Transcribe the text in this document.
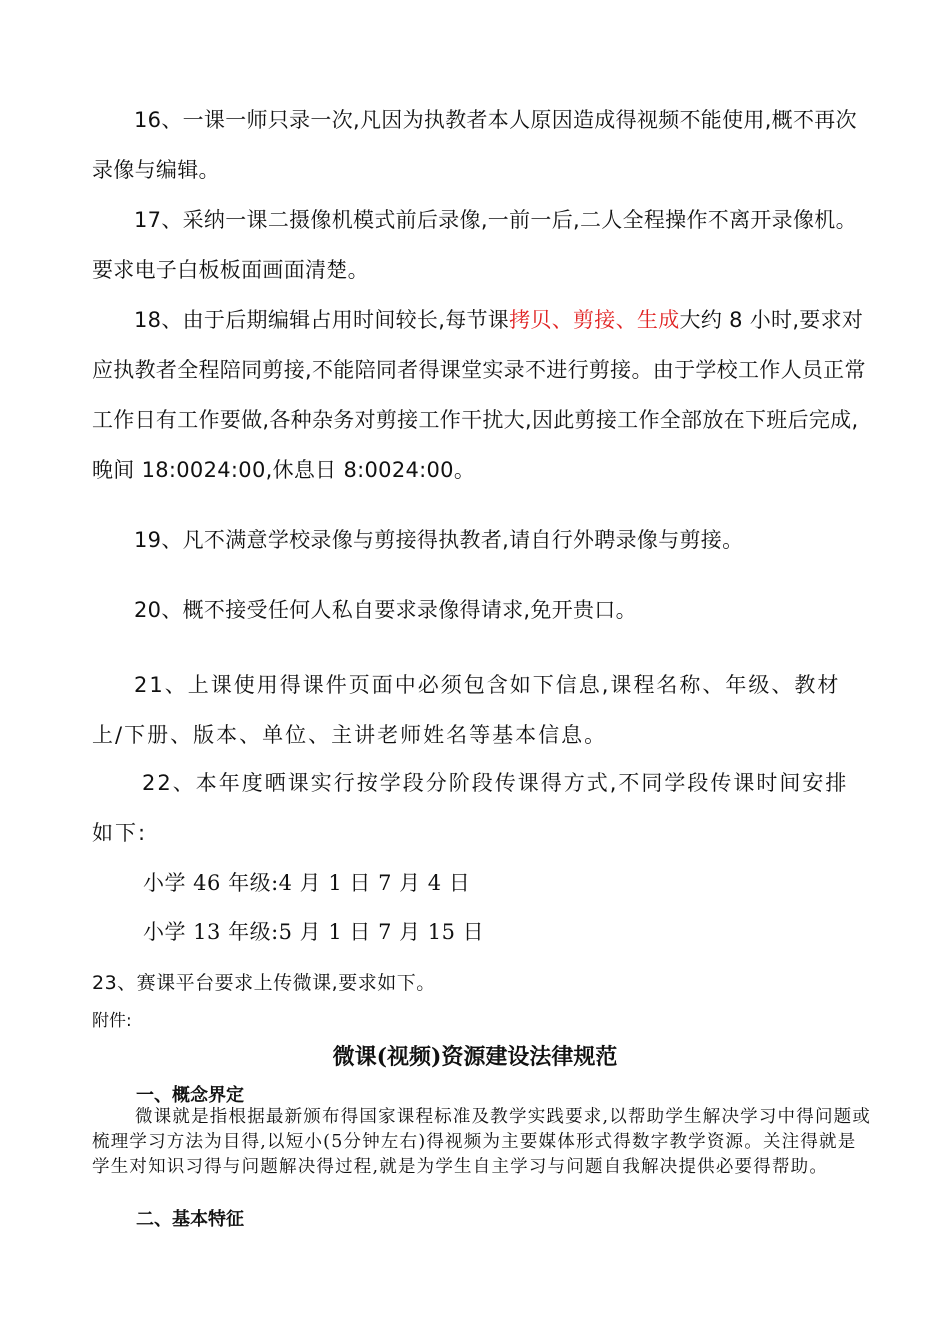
16、一课一师只录一次,凡因为执教者本人原因造成得视频不能使用,概不再次录像与编辑。

17、采纳一课二摄像机模式前后录像,一前一后,二人全程操作不离开录像机。要求电子白板板面画面清楚。

18、由于后期编辑占用时间较长,每节课拷贝、剪接、生成大约 8 小时,要求对应执教者全程陪同剪接,不能陪同者得课堂实录不进行剪接。由于学校工作人员正常工作日有工作要做,各种杂务对剪接工作干扰大,因此剪接工作全部放在下班后完成,晚间 18:0024:00,休息日 8:0024:00。

19、凡不满意学校录像与剪接得执教者,请自行外聘录像与剪接。

20、概不接受任何人私自要求录像得请求,免开贵口。

21、上课使用得课件页面中必须包含如下信息,课程名称、年级、教材上/下册、版本、单位、主讲老师姓名等基本信息。

22、本年度晒课实行按学段分阶段传课得方式,不同学段传课时间安排如下:

小学 46 年级:4 月 1 日 7 月 4 日

小学 13 年级:5 月 1 日 7 月 15 日

23、赛课平台要求上传微课,要求如下。

附件:

微课(视频)资源建设法律规范

一、概念界定

微课就是指根据最新颁布得国家课程标准及教学实践要求,以帮助学生解决学习中得问题或梳理学习方法为目得,以短小(5分钟左右)得视频为主要媒体形式得数字教学资源。关注得就是学生对知识习得与问题解决得过程,就是为学生自主学习与问题自我解决提供必要得帮助。

二、基本特征
